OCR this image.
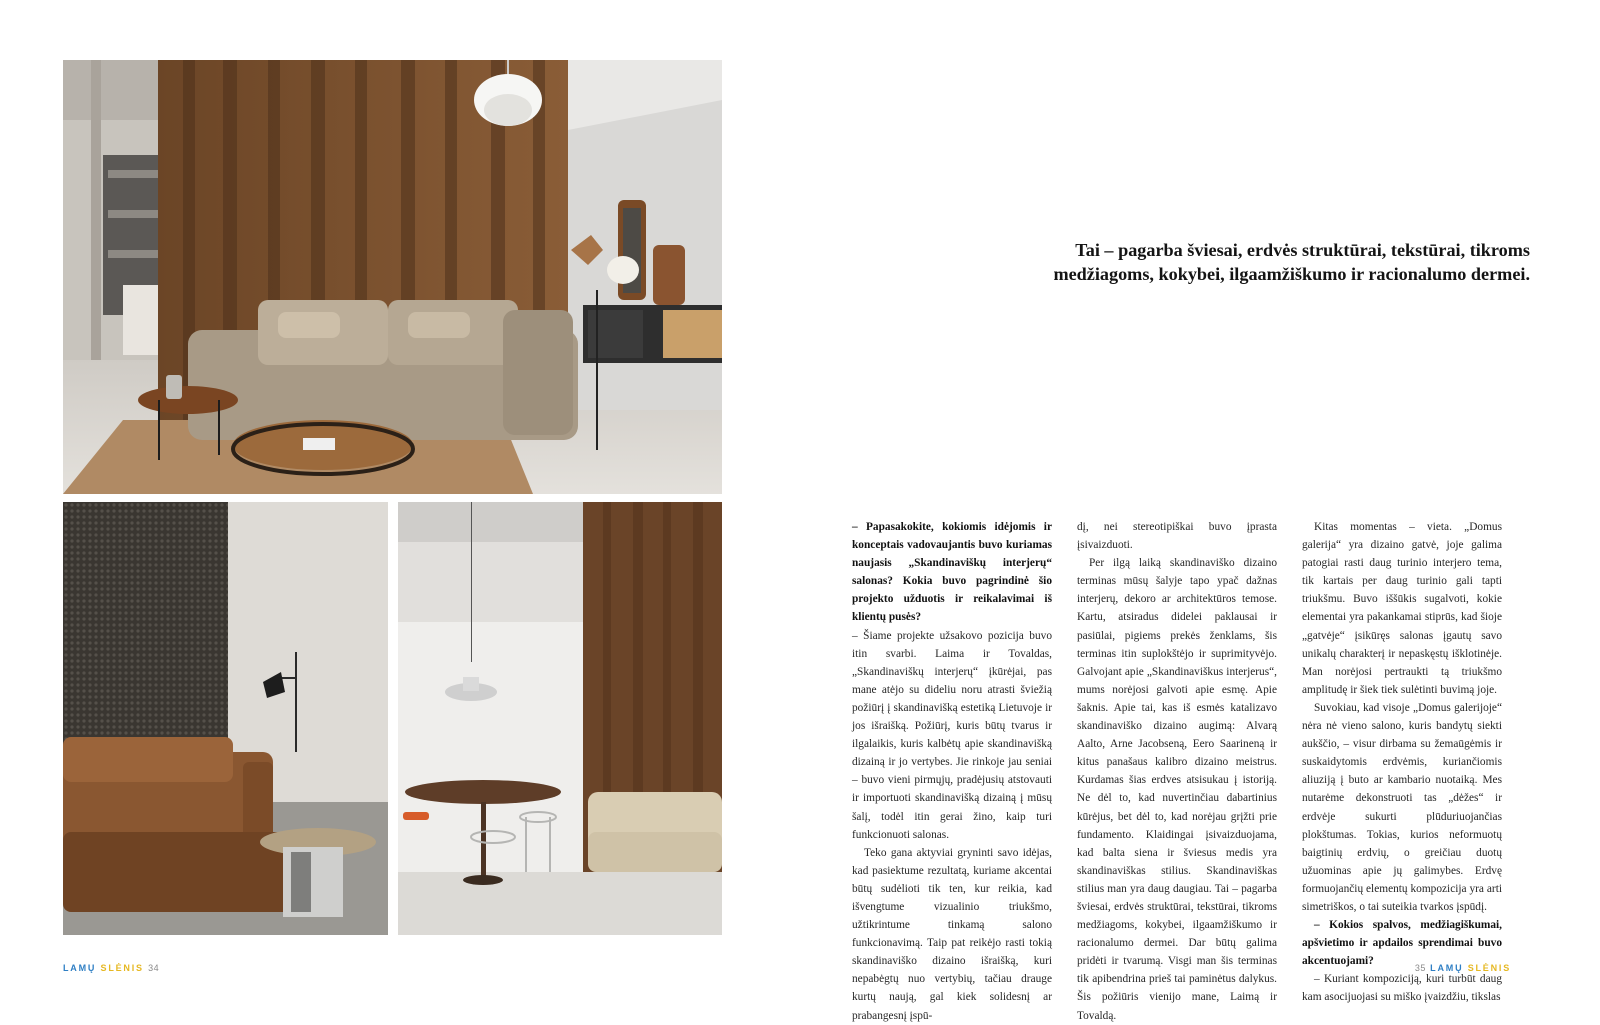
Tai – pagarba šviesai, erdvės struktūrai, tekstūrai, tikroms medžiagoms, kokybei, ilgaamžiškumo ir racionalumo dermei.

– Papasakokite, kokiomis idėjomis ir konceptais vadovaujantis buvo kuriamas naujasis „Skandinaviškų interjerų“ salonas? Kokia buvo pagrindinė šio projekto užduotis ir reikalavimai iš klientų pusės?

– Šiame projekte užsakovo pozicija buvo itin svarbi. Laima ir Tovaldas, „Skandinaviškų interjerų“ įkūrėjai, pas mane atėjo su dideliu noru atrasti šviežią požiūrį į skandinavišką estetiką Lietuvoje ir jos išraišką. Požiūrį, kuris būtų tvarus ir ilgalaikis, kuris kalbėtų apie skandinavišką dizainą ir jo vertybes. Jie rinkoje jau seniai – buvo vieni pirmųjų, pradėjusių atstovauti ir importuoti skandinavišką dizainą į mūsų šalį, todėl itin gerai žino, kaip turi funkcionuoti salonas.

Teko gana aktyviai gryninti savo idėjas, kad pasiektume rezultatą, kuriame akcentai būtų sudėlioti tik ten, kur reikia, kad išvengtume vizualinio triukšmo, užtikrintume tinkamą salono funkcionavimą. Taip pat reikėjo rasti tokią skandinaviško dizaino išraišką, kuri nepabėgtų nuo vertybių, tačiau drauge kurtų naują, gal kiek solidesnį ar prabangesnį įspū-

dį, nei stereotipiškai buvo įprasta įsivaizduoti.

Per ilgą laiką skandinaviško dizaino terminas mūsų šalyje tapo ypač dažnas interjerų, dekoro ar architektūros temose. Kartu, atsiradus didelei paklausai ir pasiūlai, pigiems prekės ženklams, šis terminas itin suplokštėjo ir suprimityvėjo. Galvojant apie „Skandinaviškus interjerus“, mums norėjosi galvoti apie esmę. Apie šaknis. Apie tai, kas iš esmės katalizavo skandinaviško dizaino augimą: Alvarą Aalto, Arne Jacobseną, Eero Saarineną ir kitus panašaus kalibro dizaino meistrus. Kurdamas šias erdves atsisukau į istoriją. Ne dėl to, kad nuvertinčiau dabartinius kūrėjus, bet dėl to, kad norėjau grįžti prie fundamento. Klaidingai įsivaizduojama, kad balta siena ir šviesus medis yra skandinaviškas stilius. Skandinaviškas stilius man yra daug daugiau. Tai – pagarba šviesai, erdvės struktūrai, tekstūrai, tikroms medžiagoms, kokybei, ilgaamžiškumo ir racionalumo dermei. Dar būtų galima pridėti ir tvarumą. Visgi man šis terminas tik apibendrina prieš tai paminėtus dalykus. Šis požiūris vienijo mane, Laimą ir Tovaldą.

Kitas momentas – vieta. „Domus galerija“ yra dizaino gatvė, joje galima patogiai rasti daug turinio interjero tema, tik kartais per daug turinio gali tapti triukšmu. Buvo iššūkis sugalvoti, kokie elementai yra pakankamai stiprūs, kad šioje „gatvėje“ įsikūręs salonas įgautų savo unikalų charakterį ir nepaskęstų išklotinėje. Man norėjosi pertraukti tą triukšmo amplitudę ir šiek tiek sulėtinti buvimą joje.

Suvokiau, kad visoje „Domus galerijoje“ nėra nė vieno salono, kuris bandytų siekti aukščio, – visur dirbama su žemaūgėmis ir suskaidytomis erdvėmis, kuriančiomis aliuziją į buto ar kambario nuotaiką. Mes nutarėme dekonstruoti tas „dėžes“ ir erdvėje sukurti plūduriuojančias plokštumas. Tokias, kurios neformuotų baigtinių erdvių, o greičiau duotų užuominas apie jų galimybes. Erdvę formuojančių elementų kompozicija yra arti simetriškos, o tai suteikia tvarkos įspūdį.

– Kokios spalvos, medžiagiškumai, apšvietimo ir apdailos sprendimai buvo akcentuojami?

– Kuriant kompoziciją, kuri turbūt daug kam asocijuojasi su miško įvaizdžiu, tikslas

LAMŲ SLĖNIS 34	35 LAMŲ SLĖNIS
